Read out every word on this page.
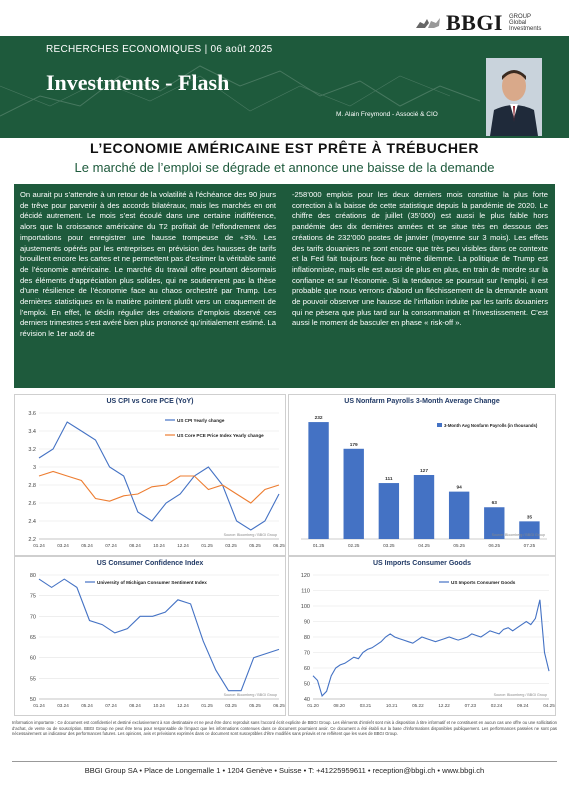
BBGI GROUP Global Investments
RECHERCHES ECONOMIQUES | 06 août 2025
Investments - Flash
M. Alain Freymond - Associé & CIO
L’ECONOMIE AMÉRICAINE EST PRÊTE À TRÉBUCHER
Le marché de l’emploi se dégrade et annonce une baisse de la demande
On aurait pu s’attendre à un retour de la volatilité à l’échéance des 90 jours de trêve pour parvenir à des accords bilatéraux, mais les marchés en ont décidé autrement. Le mois s’est écoulé dans une certaine indifférence, alors que la croissance américaine du T2 profitait de l’effondrement des importations pour enregistrer une hausse trompeuse de +3%. Les ajustements opérés par les entreprises en prévision des hausses de tarifs brouillent encore les cartes et ne permettent pas d’estimer la véritable santé de l’économie américaine. Le marché du travail offre pourtant désormais des éléments d’appréciation plus solides, qui ne soutiennent pas la thèse d’une résilience de l’économie face au chaos orchestré par Trump. Les dernières statistiques en la matière pointent plutôt vers un craquement de l’emploi. En effet, le déclin régulier des créations d’emplois observé ces derniers trimestres s’est avéré bien plus prononcé qu’initialement estimé. La révision le 1er août de
-258’000 emplois pour les deux derniers mois constitue la plus forte correction à la baisse de cette statistique depuis la pandémie de 2020. Le chiffre des créations de juillet (35’000) est aussi le plus faible hors pandémie des dix dernières années et se situe très en dessous des créations de 232’000 postes de janvier (moyenne sur 3 mois). Les effets des tarifs douaniers ne sont encore que très peu visibles dans ce contexte et la Fed fait toujours face au même dilemme. La politique de Trump est inflationniste, mais elle est aussi de plus en plus, en train de mordre sur la confiance et sur l’économie. Si la tendance se poursuit sur l’emploi, il est probable que nous verrons d’abord un fléchissement de la demande avant de pouvoir observer une hausse de l’inflation induite par les tarifs douaniers qui ne pèsera que plus tard sur la consommation et l’investissement. C’est aussi le moment de basculer en phase « risk-off ».
US CPI vs Core PCE (YoY)
3.6
3.4
3.2
3
2.8
2.6
2.4
2.2
01.24	03.24	05.24	07.24	08.24	10.24	12.24	01.25	03.25	05.25	06.25
US CPI Yearly change
US Core PCE Price Index Yearly change
Source: Bloomberg / BBGI Group
US Nonfarm Payrolls 3-Month Average Change
232
01.25
179
02.25
111
03.25
127
04.25
94
05.25
63
06.25
35
07.25
3-Month Avg Nonfarm Payrolls (in thousands)
Source: Bloomberg / BBGI Group
US Consumer Confidence Index
80
75
70
65
60
55
50
01.24	03.24	05.24	07.24	08.24	10.24	12.24	01.25	03.25	05.25	06.25
University of Michigan Consumer Sentiment Index
Source: Bloomberg / BBGI Group
US Imports Consumer Goods
120
110
100
90
80
70
60
50
40
01.20	08.20	03.21	10.21	05.22	12.22	07.23	02.24	09.24	04.25
US Imports Consumer Goods
Source: Bloomberg / BBGI Group
Information importante : Ce document est confidentiel et destiné exclusivement à son destinataire et ne peut être donc reproduit sans l’accord écrit explicite de BBGI Group. Les éléments d’intérêt sont mis à disposition à titre informatif et ne constituent en aucun cas une offre ou une sollicitation d’achat, de vente ou de souscription. BBGI Group ne peut être tenu pour responsable de l’impact que les informations contenues dans ce document pourraient avoir. Ce document a été établi sur la base d’informations disponibles publiquement. Les performances passées ne sont pas nécessairement un indicateur des performances futures. Les opinions, avis et prévisions exprimés dans ce document sont susceptibles d’être modifiés sans préavis et ne reflètent que les vues de BBGI Group.
BBGI Group SA • Place de Longemalle 1 • 1204 Genève • Suisse • T: +41225959611 • reception@bbgi.ch • www.bbgi.ch
